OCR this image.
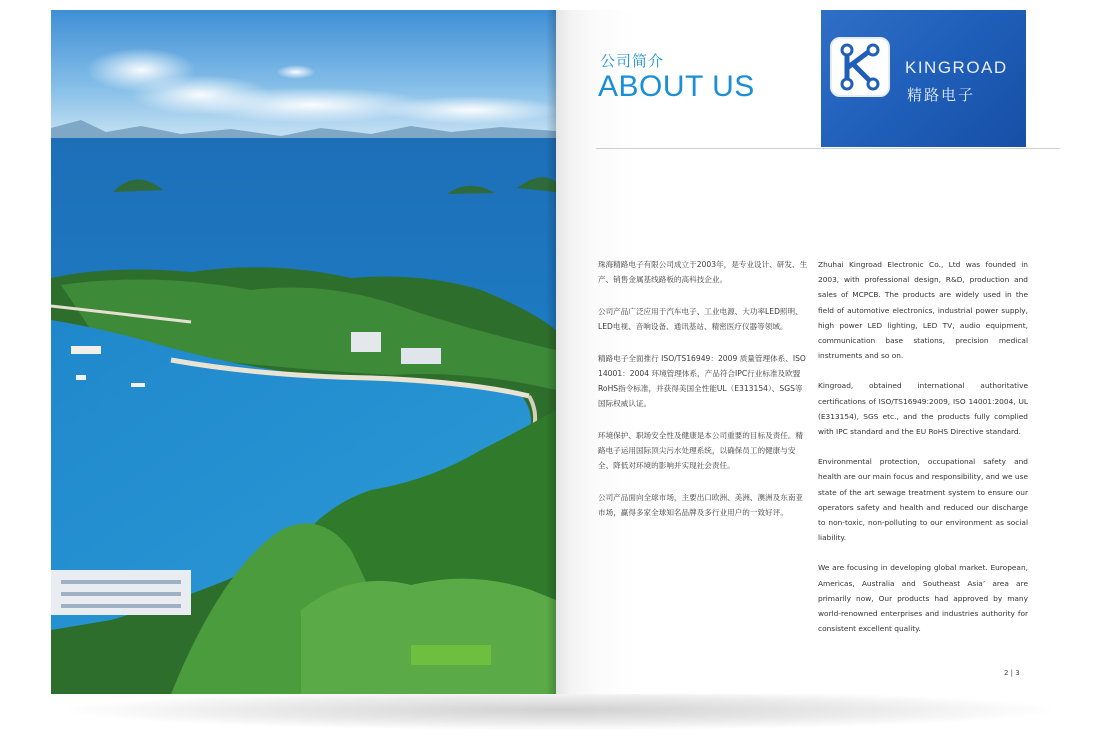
公司简介
ABOUT US
KINGROAD
精路电子

珠海精路电子有限公司成立于2003年，是专业设计、研发、生产、销售金属基线路板的高科技企业。

公司产品广泛应用于汽车电子、工业电源、大功率LED照明、LED电视、音响设备、通讯基站、精密医疗仪器等领域。

精路电子全面推行 ISO/TS16949：2009 质量管理体系、ISO 14001：2004 环境管理体系，产品符合IPC行业标准及欧盟RoHS指令标准，并获得美国全性能UL（E313154）、SGS等国际权威认证。

环境保护、职场安全性及健康是本公司重要的目标及责任。精路电子运用国际顶尖污水处理系统，以确保员工的健康与安全、降低对环境的影响并实现社会责任。

公司产品面向全球市场，主要出口欧洲、美洲、澳洲及东南亚市场，赢得多家全球知名品牌及多行业用户的一致好评。

Zhuhai Kingroad Electronic Co., Ltd was founded in 2003, with professional design, R&D, production and sales of MCPCB. The products are widely used in the field of automotive electronics, industrial power supply, high power LED lighting, LED TV, audio equipment, communication base stations, precision medical instruments and so on.

Kingroad, obtained international authoritative certifications of ISO/TS16949:2009, ISO 14001:2004, UL (E313154), SGS etc., and the products fully complied with IPC standard and the EU RoHS Directive standard.

Environmental protection, occupational safety and health are our main focus and responsibility, and we use state of the art sewage treatment system to ensure our operators safety and health and reduced our discharge to non-toxic, non-polluting to our environment as social liability.

We are focusing in developing global market. European, Americas, Australia and Southeast Asia’ area are primarily now, Our products had approved by many world-renowned enterprises and industries authority for consistent excellent quality.

2 | 3
